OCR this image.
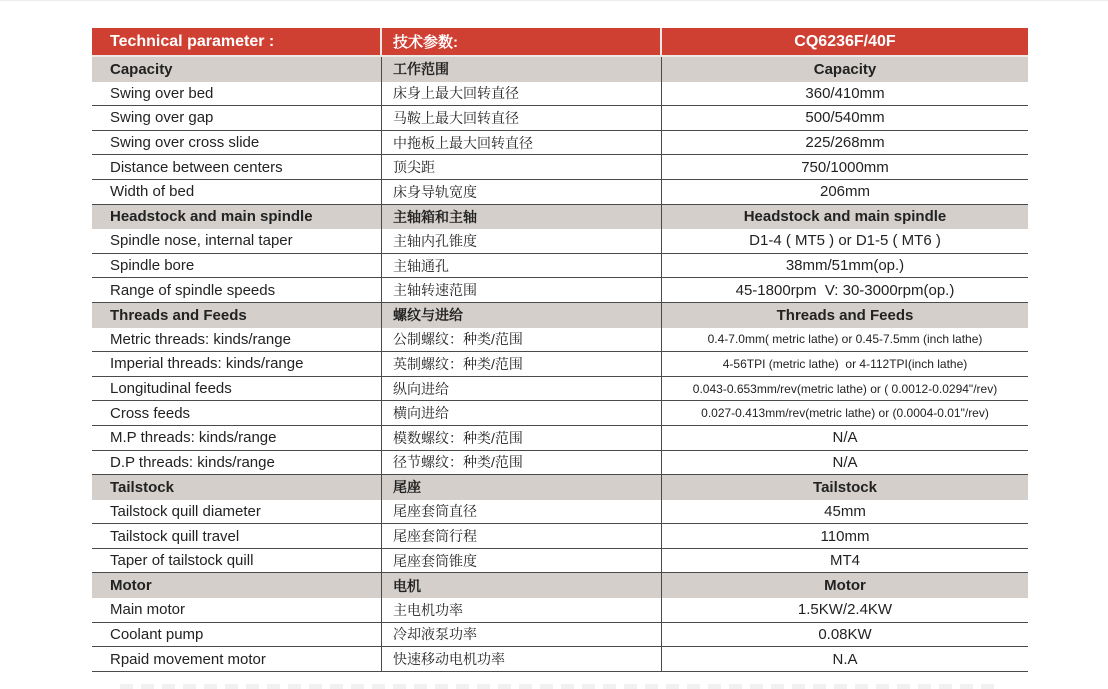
Technical parameter :	技术参数:	CQ6236F/40F
Capacity	工作范围	Capacity
Swing over bed	床身上最大回转直径	360/410mm
Swing over gap	马鞍上最大回转直径	500/540mm
Swing over cross slide	中拖板上最大回转直径	225/268mm
Distance between centers	顶尖距	750/1000mm
Width of bed	床身导轨宽度	206mm
Headstock and main spindle	主轴箱和主轴	Headstock and main spindle
Spindle nose, internal taper	主轴内孔锥度	D1-4 ( MT5 ) or D1-5 ( MT6 )
Spindle bore	主轴通孔	38mm/51mm(op.)
Range of spindle speeds	主轴转速范围	45-1800rpm  V: 30-3000rpm(op.)
Threads and Feeds	螺纹与进给	Threads and Feeds
Metric threads: kinds/range	公制螺纹：种类/范围	0.4-7.0mm( metric lathe) or 0.45-7.5mm (inch lathe)
Imperial threads: kinds/range	英制螺纹：种类/范围	4-56TPI (metric lathe)  or 4-112TPI(inch lathe)
Longitudinal feeds	纵向进给	0.043-0.653mm/rev(metric lathe) or ( 0.0012-0.0294"/rev)
Cross feeds	横向进给	0.027-0.413mm/rev(metric lathe) or (0.0004-0.01"/rev)
M.P threads: kinds/range	模数螺纹：种类/范围	N/A
D.P threads: kinds/range	径节螺纹：种类/范围	N/A
Tailstock	尾座	Tailstock
Tailstock quill diameter	尾座套筒直径	45mm
Tailstock quill travel	尾座套筒行程	110mm
Taper of tailstock quill	尾座套筒锥度	MT4
Motor	电机	Motor
Main motor	主电机功率	1.5KW/2.4KW
Coolant pump	冷却液泵功率	0.08KW
Rpaid movement motor	快速移动电机功率	N.A
